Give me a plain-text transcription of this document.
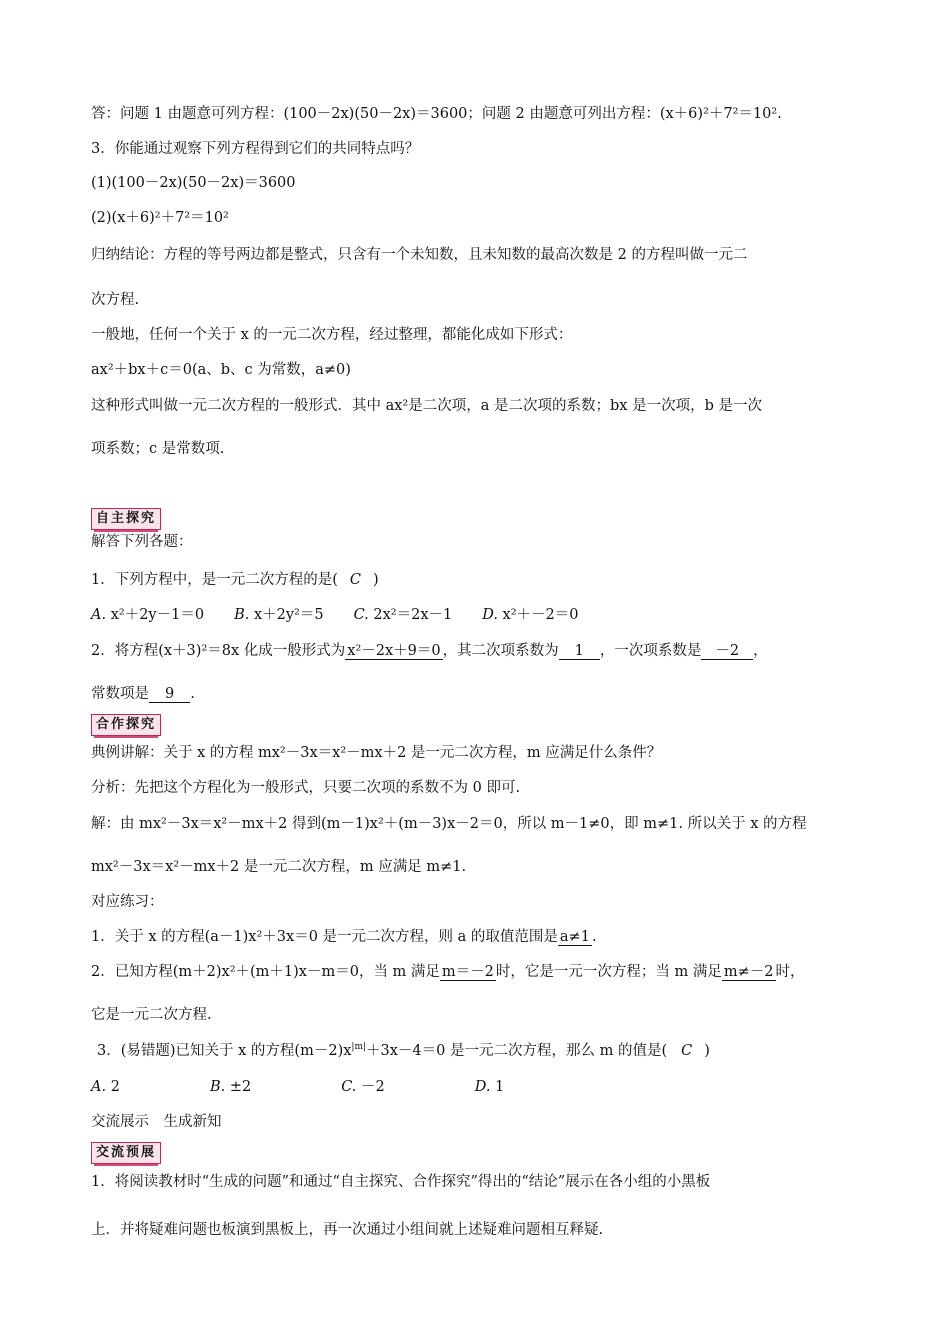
答：问题 1 由题意可列方程：(100－2x)(50－2x)＝3600；问题 2 由题意可列出方程：(x＋6)²＋7²＝10².
3．你能通过观察下列方程得到它们的共同特点吗？
(1)(100－2x)(50－2x)＝3600
(2)(x＋6)²＋7²＝10²
归纳结论：方程的等号两边都是整式，只含有一个未知数，且未知数的最高次数是 2 的方程叫做一元二
次方程.
一般地，任何一个关于 x 的一元二次方程，经过整理，都能化成如下形式：
ax²＋bx＋c＝0(a、b、c 为常数，a≠0)
这种形式叫做一元二次方程的一般形式．其中 ax²是二次项，a 是二次项的系数；bx 是一次项，b 是一次
项系数；c 是常数项.
自主探究
解答下列各题：
1．下列方程中，是一元二次方程的是( C )
A. x²＋2y－1＝0 B. x＋2y²＝5 C. 2x²＝2x－1 D. x²＋－2＝0
2．将方程(x＋3)²＝8x 化成一般形式为 x²－2x＋9＝0 ，其二次项系数为 1 ，一次项系数是 －2 ，
常数项是 9 .
合作探究
典例讲解：关于 x 的方程 mx²－3x＝x²－mx＋2 是一元二次方程，m 应满足什么条件？
分析：先把这个方程化为一般形式，只要二次项的系数不为 0 即可.
解：由 mx²－3x＝x²－mx＋2 得到(m－1)x²＋(m－3)x－2＝0，所以 m－1≠0，即 m≠1. 所以关于 x 的方程
mx²－3x＝x²－mx＋2 是一元二次方程，m 应满足 m≠1.
对应练习：
1．关于 x 的方程(a－1)x²＋3x＝0 是一元二次方程，则 a 的取值范围是 a≠1 .
2．已知方程(m＋2)x²＋(m＋1)x－m＝0，当 m 满足 m＝－2 时，它是一元一次方程；当 m 满足 m≠－2 时，
它是一元二次方程.
3．(易错题)已知关于 x 的方程$(m-2)x^{|m|}+3x-4=0$ 是一元二次方程，那么 m 的值是( C )
A. 2	B. ±2	C. －2	D. 1
交流展示　生成新知
交流预展
1．将阅读教材时“生成的问题”和通过“自主探究、合作探究”得出的“结论”展示在各小组的小黑板
上．并将疑难问题也板演到黑板上，再一次通过小组间就上述疑难问题相互释疑.
